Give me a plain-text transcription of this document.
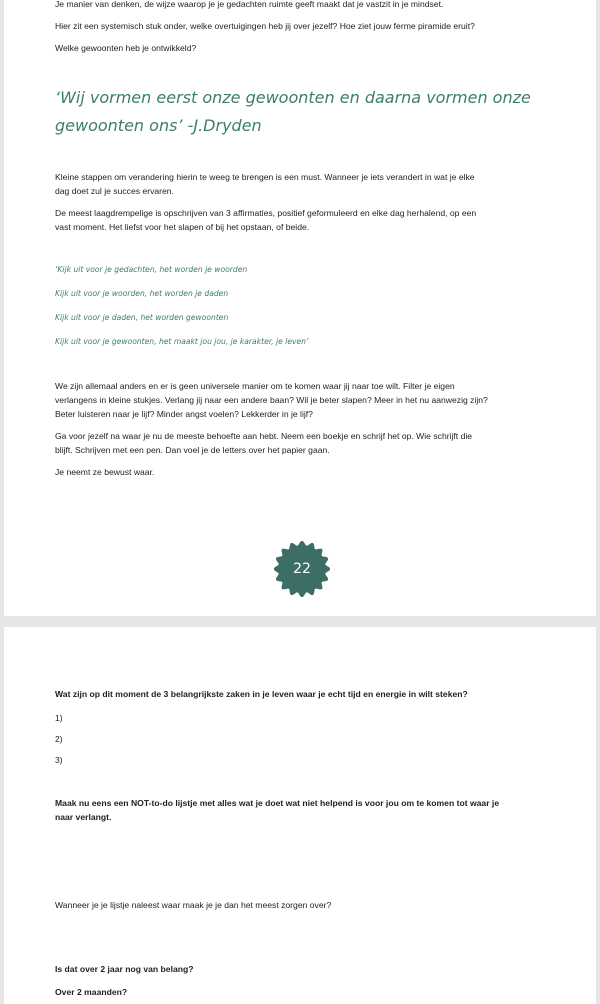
Je manier van denken, de wijze waarop je je gedachten ruimte geeft maakt dat je vastzit in je mindset.
Hier zit een systemisch stuk onder, welke overtuigingen heb jij over jezelf? Hoe ziet jouw ferme piramide eruit?
Welke gewoonten heb je ontwikkeld?
‘Wij vormen eerst onze gewoonten en daarna vormen onze
gewoonten ons’ -J.Dryden
Kleine stappen om verandering hierin te weeg te brengen is een must. Wanneer je iets verandert in wat je elke
dag doet zul je succes ervaren.
De meest laagdrempelige is opschrijven van 3 affirmaties, positief geformuleerd en elke dag herhalend, op een
vast moment. Het liefst voor het slapen of bij het opstaan, of beide.
‘Kijk uit voor je gedachten, het worden je woorden
Kijk uit voor je woorden, het worden je daden
Kijk uit voor je daden, het worden gewoonten
Kijk uit voor je gewoonten, het maakt jou jou, je karakter, je leven’
We zijn allemaal anders en er is geen universele manier om te komen waar jij naar toe wilt. Filter je eigen
verlangens in kleine stukjes. Verlang jij naar een andere baan? Wil je beter slapen? Meer in het nu aanwezig zijn?
Beter luisteren naar je lijf? Minder angst voelen? Lekkerder in je lijf?
Ga voor jezelf na waar je nu de meeste behoefte aan hebt. Neem een boekje en schrijf het op. Wie schrijft die
blijft. Schrijven met een pen. Dan voel je de letters over het papier gaan.
Je neemt ze bewust waar.
22
Wat zijn op dit moment de 3 belangrijkste zaken in je leven waar je echt tijd en energie in wilt steken?
1)
2)
3)
Maak nu eens een NOT-to-do lijstje met alles wat je doet wat niet helpend is voor jou om te komen tot waar je
naar verlangt.
Wanneer je je lijstje naleest waar maak je je dan het meest zorgen over?
Is dat over 2 jaar nog van belang?
Over 2 maanden?
